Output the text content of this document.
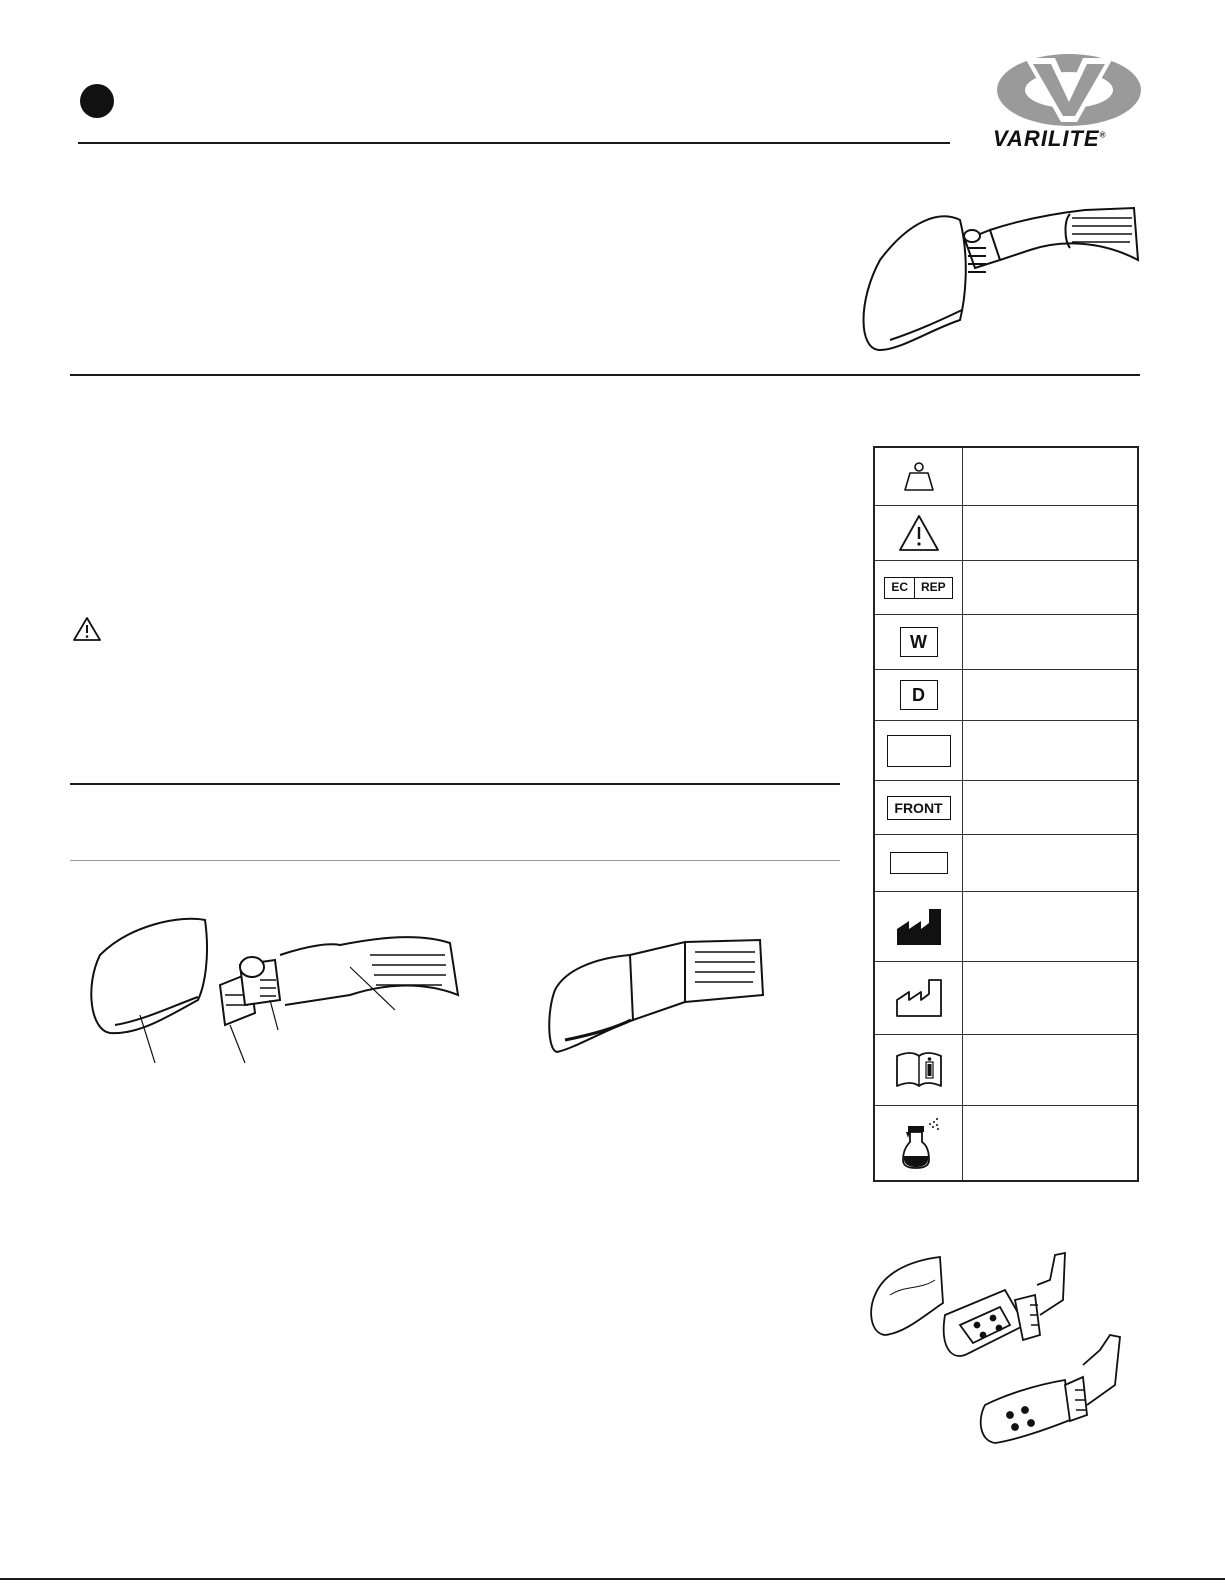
VARILITE®
EC	REP
W
D
FRONT
